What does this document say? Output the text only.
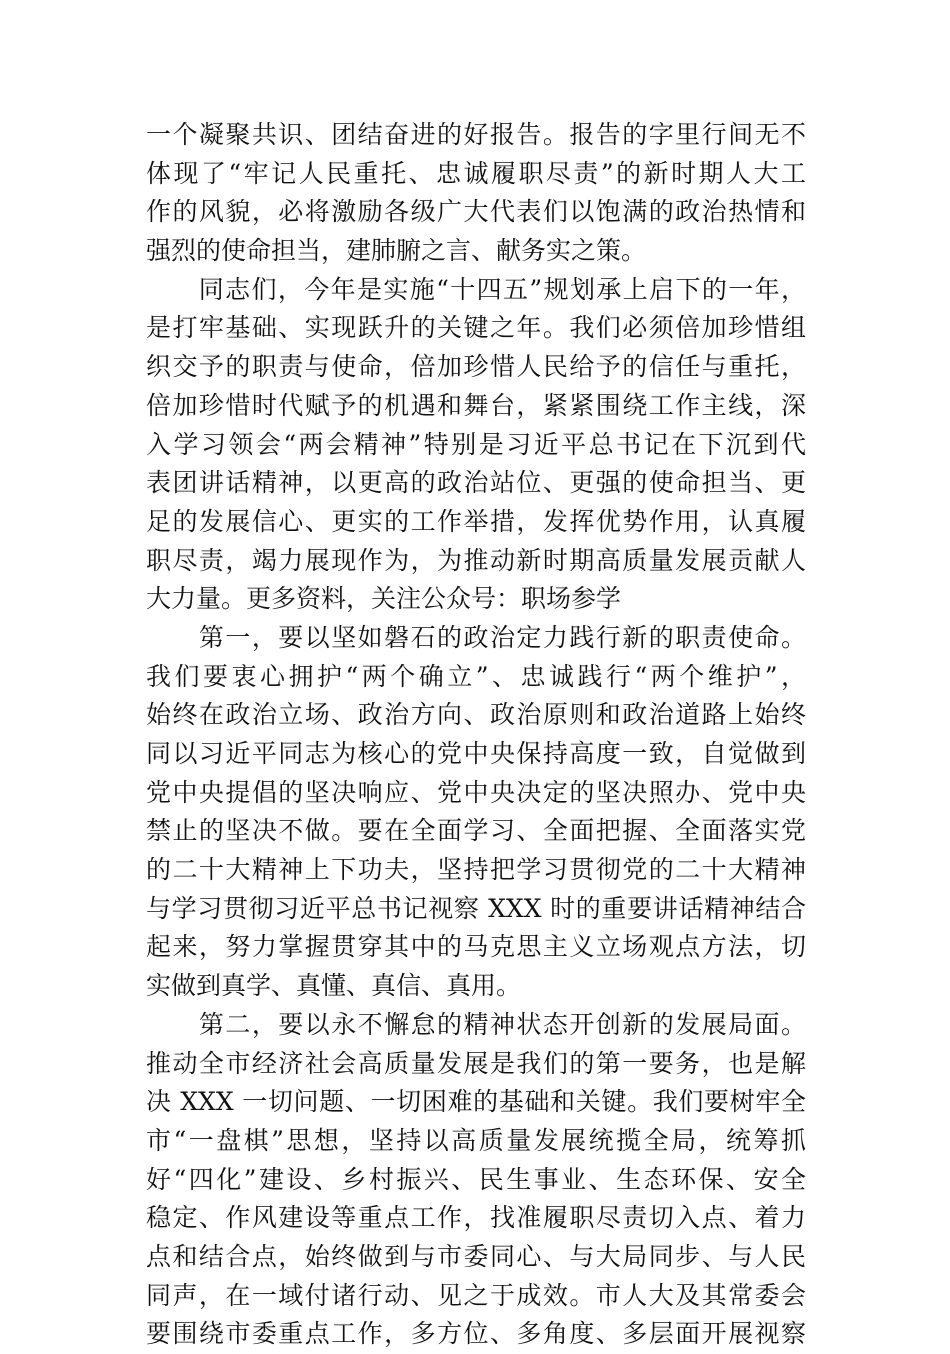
一个凝聚共识、团结奋进的好报告。报告的字里行间无不
体现了“牢记人民重托、忠诚履职尽责”的新时期人大工
作的风貌，必将激励各级广大代表们以饱满的政治热情和
强烈的使命担当，建肺腑之言、献务实之策。
　　同志们，今年是实施“十四五”规划承上启下的一年，
是打牢基础、实现跃升的关键之年。我们必须倍加珍惜组
织交予的职责与使命，倍加珍惜人民给予的信任与重托，
倍加珍惜时代赋予的机遇和舞台，紧紧围绕工作主线，深
入学习领会“两会精神”特别是习近平总书记在下沉到代
表团讲话精神，以更高的政治站位、更强的使命担当、更
足的发展信心、更实的工作举措，发挥优势作用，认真履
职尽责，竭力展现作为，为推动新时期高质量发展贡献人
大力量。更多资料，关注公众号：职场参学
　　第一，要以坚如磐石的政治定力践行新的职责使命。
我们要衷心拥护“两个确立”、忠诚践行“两个维护”，
始终在政治立场、政治方向、政治原则和政治道路上始终
同以习近平同志为核心的党中央保持高度一致，自觉做到
党中央提倡的坚决响应、党中央决定的坚决照办、党中央
禁止的坚决不做。要在全面学习、全面把握、全面落实党
的二十大精神上下功夫，坚持把学习贯彻党的二十大精神
与学习贯彻习近平总书记视察 XXX 时的重要讲话精神结合
起来，努力掌握贯穿其中的马克思主义立场观点方法，切
实做到真学、真懂、真信、真用。
　　第二，要以永不懈怠的精神状态开创新的发展局面。
推动全市经济社会高质量发展是我们的第一要务，也是解
决 XXX 一切问题、一切困难的基础和关键。我们要树牢全
市“一盘棋”思想，坚持以高质量发展统揽全局，统筹抓
好“四化”建设、乡村振兴、民生事业、生态环保、安全
稳定、作风建设等重点工作，找准履职尽责切入点、着力
点和结合点，始终做到与市委同心、与大局同步、与人民
同声，在一域付诸行动、见之于成效。市人大及其常委会
要围绕市委重点工作，多方位、多角度、多层面开展视察
